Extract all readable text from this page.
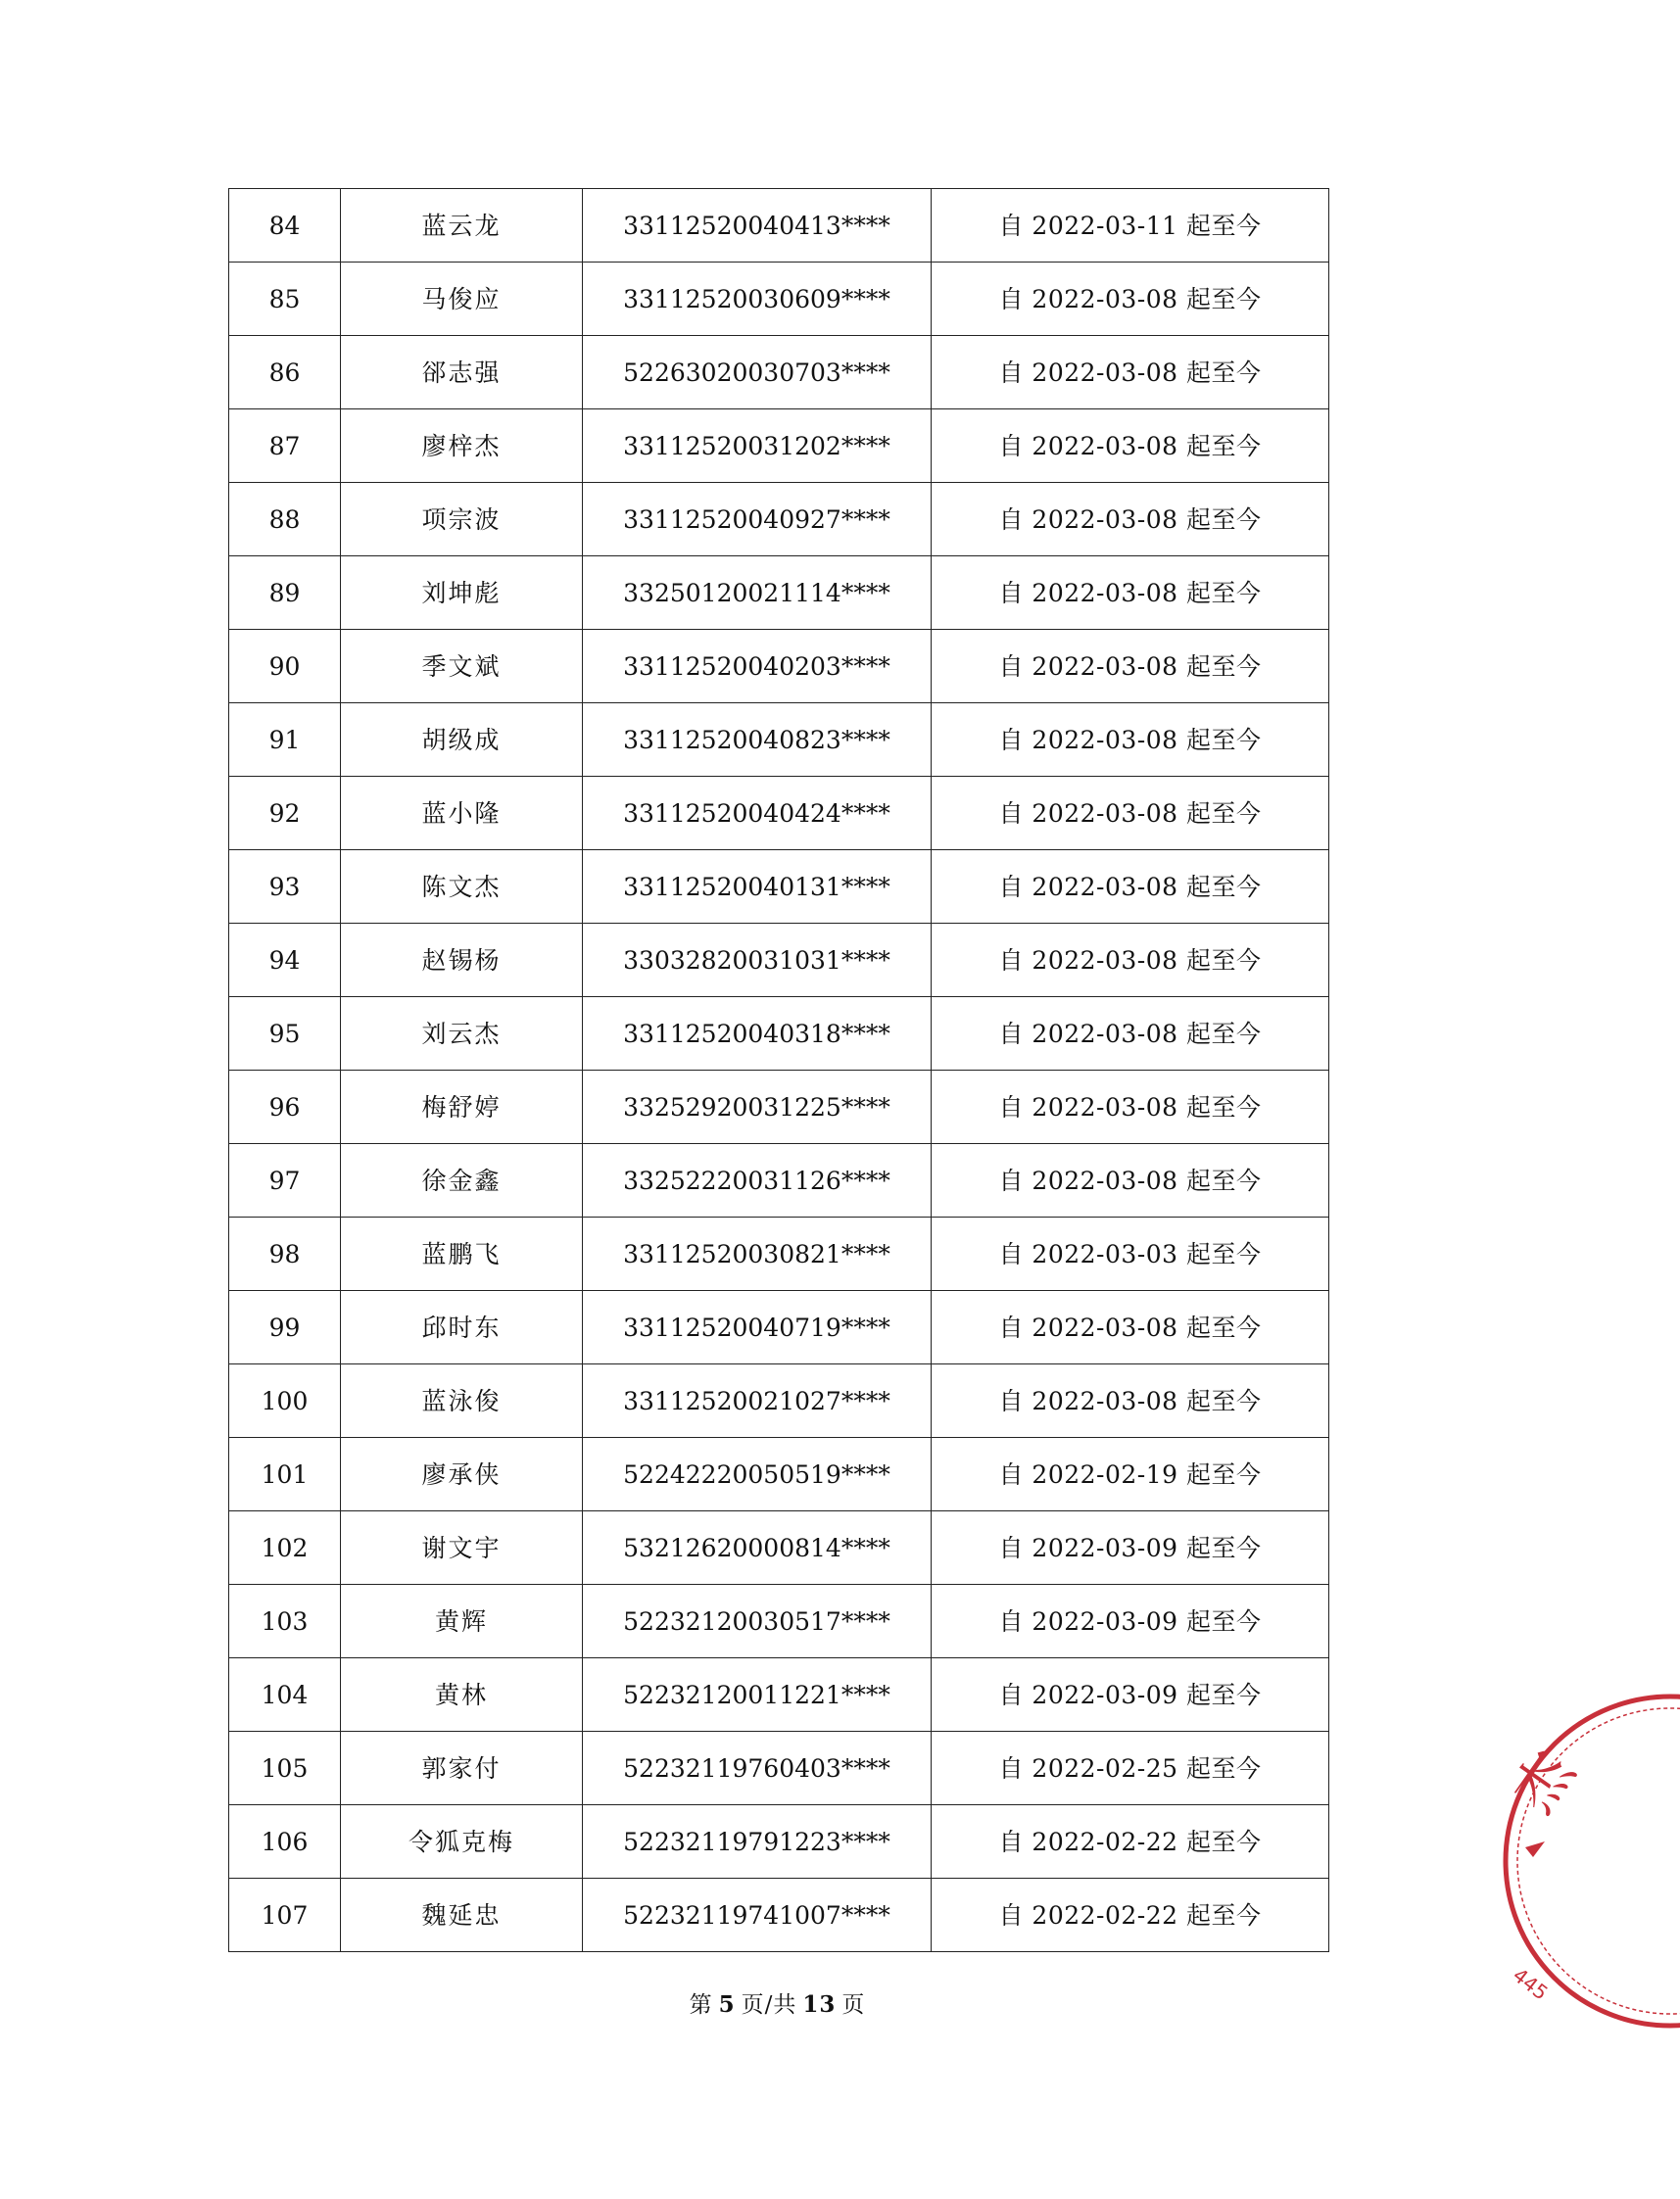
84	蓝云龙	33112520040413****	自 2022-03-11 起至今
85	马俊应	33112520030609****	自 2022-03-08 起至今
86	郤志强	52263020030703****	自 2022-03-08 起至今
87	廖梓杰	33112520031202****	自 2022-03-08 起至今
88	项宗波	33112520040927****	自 2022-03-08 起至今
89	刘坤彪	33250120021114****	自 2022-03-08 起至今
90	季文斌	33112520040203****	自 2022-03-08 起至今
91	胡级成	33112520040823****	自 2022-03-08 起至今
92	蓝小隆	33112520040424****	自 2022-03-08 起至今
93	陈文杰	33112520040131****	自 2022-03-08 起至今
94	赵锡杨	33032820031031****	自 2022-03-08 起至今
95	刘云杰	33112520040318****	自 2022-03-08 起至今
96	梅舒婷	33252920031225****	自 2022-03-08 起至今
97	徐金鑫	33252220031126****	自 2022-03-08 起至今
98	蓝鹏飞	33112520030821****	自 2022-03-03 起至今
99	邱时东	33112520040719****	自 2022-03-08 起至今
100	蓝泳俊	33112520021027****	自 2022-03-08 起至今
101	廖承侠	52242220050519****	自 2022-02-19 起至今
102	谢文宇	53212620000814****	自 2022-03-09 起至今
103	黄辉	52232120030517****	自 2022-03-09 起至今
104	黄林	52232120011221****	自 2022-03-09 起至今
105	郭家付	52232119760403****	自 2022-02-25 起至今
106	令狐克梅	52232119791223****	自 2022-02-22 起至今
107	魏延忠	52232119741007****	自 2022-02-22 起至今
第 5 页/共 13 页
杰
445
